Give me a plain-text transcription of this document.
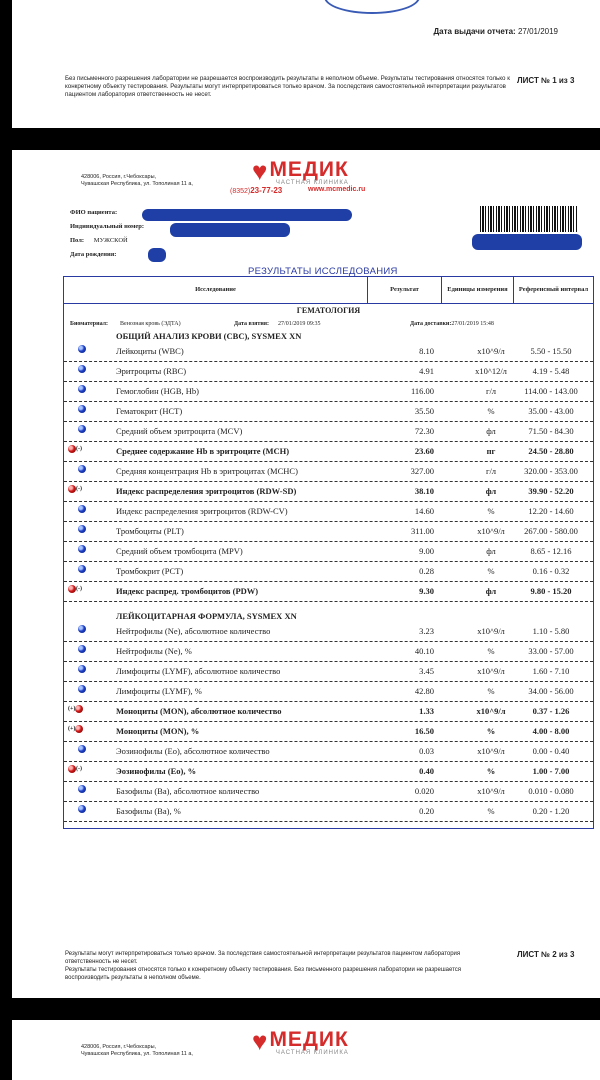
Дата выдачи отчета: 27/01/2019
Без письменного разрешения лаборатории не разрешается воспроизводить результаты в неполном объеме. Результаты тестирования относятся только к конкретному объекту тестирования. Результаты могут интерпретироваться только врачом. За последствия самостоятельной интерпретации результатов пациентом лаборатория ответственность не несет.
ЛИСТ № 1 из 3
428006, Россия, г.Чебоксары,
Чувашская Республика, ул. Тополиная 11 а, ♥ МЕДИК
ЧАСТНАЯ КЛИНИКА
(8352)23-77-23	www.mcmedic.ru
ФИО пациента:
Индивидуальный номер:
Пол: МУЖСКОЙ
Дата рождения:
РЕЗУЛЬТАТЫ ИССЛЕДОВАНИЯ
Исследование	Результат	Единицы измерения	Референсный интервал
ГЕМАТОЛОГИЯ
Биоматериал: Венозная кровь (ЭДТА)	Дата взятия: 27/01/2019 09:35	Дата доставки:27/01/2019 15:48
ОБЩИЙ АНАЛИЗ КРОВИ (CBC), SYSMEX XN
ЛЕЙКОЦИТАРНАЯ ФОРМУЛА, SYSMEX XN
Лейкоциты (WBC)	8.10	x10^9/л	5.50 - 15.50
Эритроциты (RBC)	4.91	x10^12/л	4.19 - 5.48
Гемоглобин (HGB, Hb)	116.00	г/л	114.00 - 143.00
Гематокрит (НСТ)	35.50	%	35.00 - 43.00
Средний объем эритроцита (MCV)	72.30	фл	71.50 - 84.30
(-)	Среднее содержание Hb в эритроците (MCH)	23.60	пг	24.50 - 28.80
Средняя концентрация Hb в эритроцитах (MCHC)	327.00	г/л	320.00 - 353.00
(-)	Индекс распределения эритроцитов (RDW-SD)	38.10	фл	39.90 - 52.20
Индекс распределения эритроцитов (RDW-CV)	14.60	%	12.20 - 14.60
Тромбоциты (PLT)	311.00	x10^9/л	267.00 - 580.00
Средний объем тромбоцита (MPV)	9.00	фл	8.65 - 12.16
Тромбокрит (PCT)	0.28	%	0.16 - 0.32
(-)	Индекс распред. тромбоцитов (PDW)	9.30	фл	9.80 - 15.20
Нейтрофилы (Ne), абсолютное количество	3.23	x10^9/л	1.10 - 5.80
Нейтрофилы (Ne), %	40.10	%	33.00 - 57.00
Лимфоциты (LYMF), абсолютное количество	3.45	x10^9/л	1.60 - 7.10
Лимфоциты (LYMF), %	42.80	%	34.00 - 56.00
(+)	Моноциты (MON), абсолютное количество	1.33	x10^9/л	0.37 - 1.26
(+)	Моноциты (MON), %	16.50	%	4.00 - 8.00
Эозинофилы (Eo), абсолютное количество	0.03	x10^9/л	0.00 - 0.40
(-)	Эозинофилы (Eo), %	0.40	%	1.00 - 7.00
Базофилы (Ba), абсолютное количество	0.020	x10^9/л	0.010 - 0.080
Базофилы (Ba), %	0.20	%	0.20 - 1.20
Результаты могут интерпретироваться только врачом. За последствия самостоятельной интерпретации результатов пациентом лаборатория ответственность не несет.
Результаты тестирования относятся только к конкретному объекту тестирования. Без письменного разрешения лаборатории не разрешается воспроизводить результаты в неполном объеме.
ЛИСТ № 2 из 3
428006, Россия, г.Чебоксары,
Чувашская Республика, ул. Тополиная 11 а, ♥ МЕДИК
ЧАСТНАЯ КЛИНИКА
